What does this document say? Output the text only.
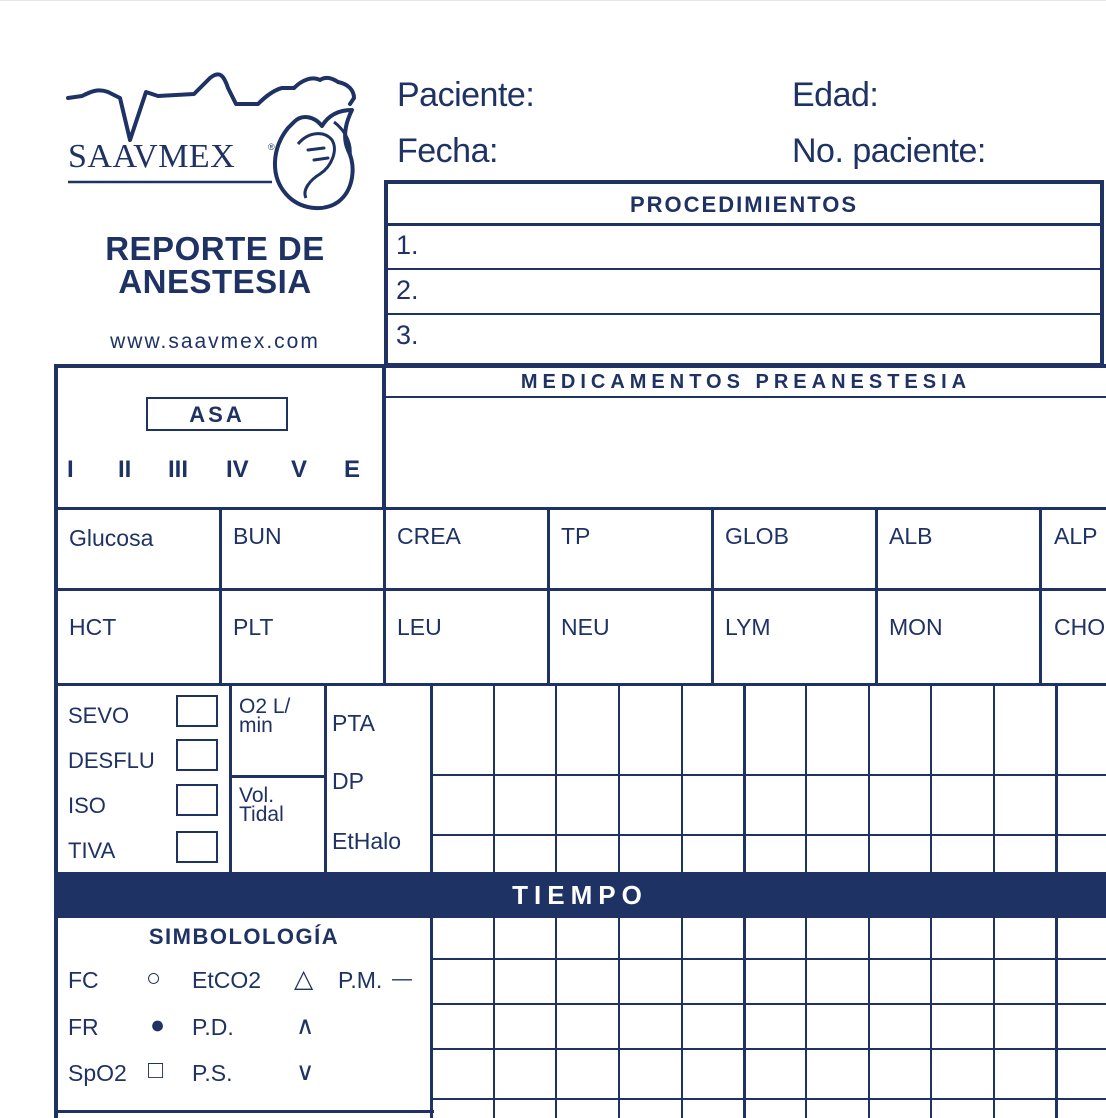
SAAVMEX	®
REPORTE DE
ANESTESIA
www.saavmex.com
Paciente:	Edad:
Fecha:	No. paciente:
PROCEDIMIENTOS
1.
2.
3.
MEDICAMENTOS PREANESTESIA
ASA
I II III IV V E
Glucosa	BUN	CREA	TP	GLOB	ALB	ALP
HCT	PLT	LEU	NEU	LYM	MON	CHO
SEVO
DESFLU
ISO
TIVA
O2 L/
min
Vol.
Tidal
PTA
DP
EtHalo
TIEMPO
SIMBOLOLOGÍA
FC ○ EtCO2 △ P.M. —
FR ● P.D. ∧
SpO2 □ P.S.	∨
